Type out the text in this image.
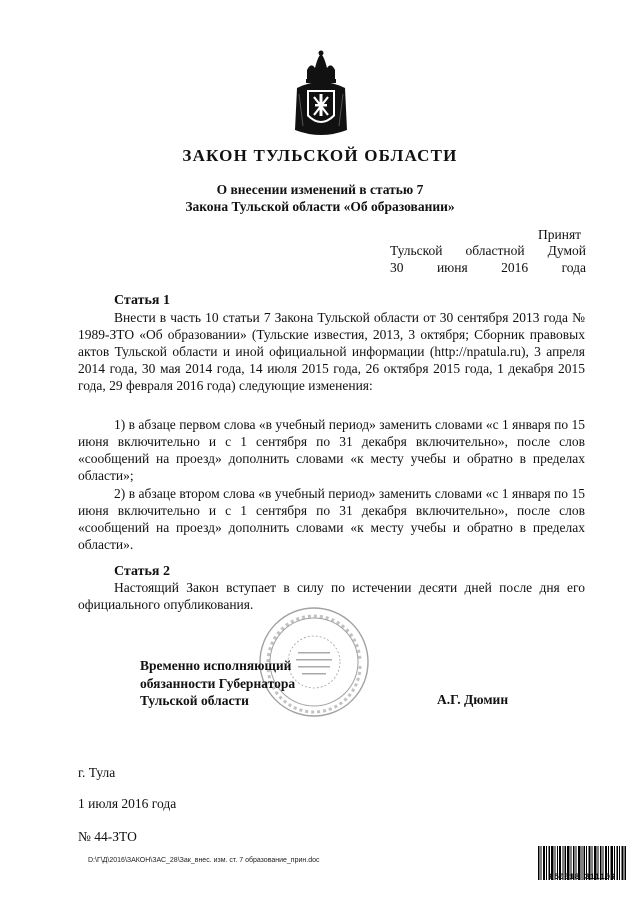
ЗАКОН ТУЛЬСКОЙ ОБЛАСТИ
О внесении изменений в статью 7
Закона Тульской области «Об образовании»
Принят
Тульской областной Думой
30 июня 2016 года
Статья 1
Внести в часть 10 статьи 7 Закона Тульской области от 30 сентября 2013 года № 1989-ЗТО «Об образовании» (Тульские известия, 2013, 3 октября; Сборник правовых актов Тульской области и иной официальной информации (http://npatula.ru), 3 апреля 2014 года, 30 мая 2014 года, 14 июля 2015 года, 26 октября 2015 года, 1 декабря 2015 года, 29 февраля 2016 года) следующие изменения:
1) в абзаце первом слова «в учебный период» заменить словами «с 1 января по 15 июня включительно и с 1 сентября по 31 декабря включительно», после слов «сообщений на проезд» дополнить словами «к месту учебы и обратно в пределах области»;
2) в абзаце втором слова «в учебный период» заменить словами «с 1 января по 15 июня включительно и с 1 сентября по 31 декабря включительно», после слов «сообщений на проезд» дополнить словами «к месту учебы и обратно в пределах области».
Статья 2
Настоящий Закон вступает в силу по истечении десяти дней после дня его официального опубликования.
Временно исполняющий
обязанности Губернатора
Тульской области	А.Г. Дюмин
г. Тула
1 июля 2016 года
№ 44-ЗТО
D:\Г\Д\2016\ЗАКОН\ЗАС_28\Зак_внес. изм. ст. 7 образование_прин.doc
650618 311106
